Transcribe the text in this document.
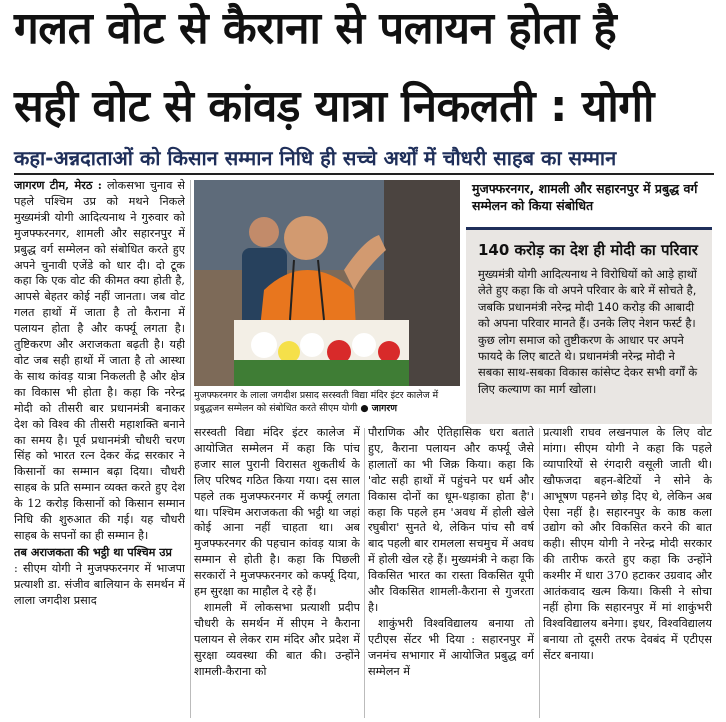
गलत वोट से कैराना से पलायन होता है
सही वोट से कांवड़ यात्रा निकलती : योगी
कहा-अन्नदाताओं को किसान सम्मान निधि ही सच्चे अर्थों में चौधरी साहब का सम्मान

जागरण टीम, मेरठ : लोकसभा चुनाव से पहले पश्चिम उप्र को मथने निकले मुख्यमंत्री योगी आदित्यनाथ ने गुरुवार को मुजफ्फरनगर, शामली और सहारनपुर में प्रबुद्ध वर्ग सम्मेलन को संबोधित करते हुए अपने चुनावी एजेंडे को धार दी। दो टूक कहा कि एक वोट की कीमत क्या होती है, आपसे बेहतर कोई नहीं जानता। जब वोट गलत हाथों में जाता है तो कैराना में पलायन होता है और कर्फ्यू लगता है। तुष्टिकरण और अराजकता बढ़ती है। यही वोट जब सही हाथों में जाता है तो आस्था के साथ कांवड़ यात्रा निकलती है और क्षेत्र का विकास भी होता है। कहा कि नरेन्द्र मोदी को तीसरी बार प्रधानमंत्री बनाकर देश को विश्व की तीसरी महाशक्ति बनाने का समय है। पूर्व प्रधानमंत्री चौधरी चरण सिंह को भारत रत्न देकर केंद्र सरकार ने किसानों का सम्मान बढ़ा दिया। चौधरी साहब के प्रति सम्मान व्यक्त करते हुए देश के 12 करोड़ किसानों को किसान सम्मान निधि की शुरुआत की गई। यह चौधरी साहब के सपनों का ही सम्मान है।

तब अराजकता की भट्ठी था पश्चिम उप्र

: सीएम योगी ने मुजफ्फरनगर में भाजपा प्रत्याशी डा. संजीव बालियान के समर्थन में लाला जगदीश प्रसाद

मुजफ्फरनगर के लाला जगदीश प्रसाद सरस्वती विद्या मंदिर इंटर कालेज में प्रबुद्धजन सम्मेलन को संबोधित करते सीएम योगी ● जागरण
मुजफ्फरनगर, शामली और सहारनपुर में प्रबुद्ध वर्ग सम्मेलन को किया संबोधित
140 करोड़ का देश ही मोदी का परिवार
मुख्यमंत्री योगी आदित्यनाथ ने विरोधियों को आड़े हाथों लेते हुए कहा कि वो अपने परिवार के बारे में सोचते है, जबकि प्रधानमंत्री नरेन्द्र मोदी 140 करोड़ की आबादी को अपना परिवार मानते हैं। उनके लिए नेशन फर्स्ट है। कुछ लोग समाज को तुष्टीकरण के आधार पर अपने फायदे के लिए बाटते थे। प्रधानमंत्री नरेन्द्र मोदी ने सबका साथ-सबका विकास कांसेप्ट देकर सभी वर्गों के लिए कल्याण का मार्ग खोला।

सरस्वती विद्या मंदिर इंटर कालेज में आयोजित सम्मेलन में कहा कि पांच हजार साल पुरानी विरासत शुकतीर्थ के लिए परिषद गठित किया गया। दस साल पहले तक मुजफ्फरनगर में कर्फ्यू लगता था। पश्चिम अराजकता की भट्ठी था जहां कोई आना नहीं चाहता था। अब मुजफ्फरनगर की पहचान कांवड़ यात्रा के सम्मान से होती है। कहा कि पिछली सरकारों ने मुजफ्फरनगर को कर्फ्यू दिया, हम सुरक्षा का माहौल दे रहे हैं।

शामली में लोकसभा प्रत्याशी प्रदीप चौधरी के समर्थन में सीएम ने कैराना पलायन से लेकर राम मंदिर और प्रदेश में सुरक्षा व्यवस्था की बात की। उन्होंने शामली-कैराना को

पौराणिक और ऐतिहासिक धरा बताते हुए, कैराना पलायन और कर्फ्यू जैसे हालातों का भी जिक्र किया। कहा कि 'वोट सही हाथों में पहुंचने पर धर्म और विकास दोनों का धूम-धड़ाका होता है'। कहा कि पहले हम 'अवध में होली खेले रघुबीरा' सुनते थे, लेकिन पांच सौ वर्ष बाद पहली बार रामलला सचमुच में अवध में होली खेल रहे हैं। मुख्यमंत्री ने कहा कि विकसित भारत का रास्ता विकसित यूपी और विकसित शामली-कैराना से गुजरता है।

शाकुंभरी विश्वविद्यालय बनाया तो एटीएस सेंटर भी दिया : सहारनपुर में जनमंच सभागार में आयोजित प्रबुद्ध वर्ग सम्मेलन में

प्रत्याशी राघव लखनपाल के लिए वोट मांगा। सीएम योगी ने कहा कि पहले व्यापारियों से रंगदारी वसूली जाती थी। खौफजदा बहन-बेटियों ने सोने के आभूषण पहनने छोड़ दिए थे, लेकिन अब ऐसा नहीं है। सहारनपुर के काष्ठ कला उद्योग को और विकसित करने की बात कही। सीएम योगी ने नरेन्द्र मोदी सरकार की तारीफ करते हुए कहा कि उन्होंने कश्मीर में धारा 370 हटाकर उग्रवाद और आतंकवाद खत्म किया। किसी ने सोचा नहीं होगा कि सहारनपुर में मां शाकुंभरी विश्वविद्यालय बनेगा। इधर, विश्वविद्यालय बनाया तो दूसरी तरफ देवबंद में एटीएस सेंटर बनाया।
